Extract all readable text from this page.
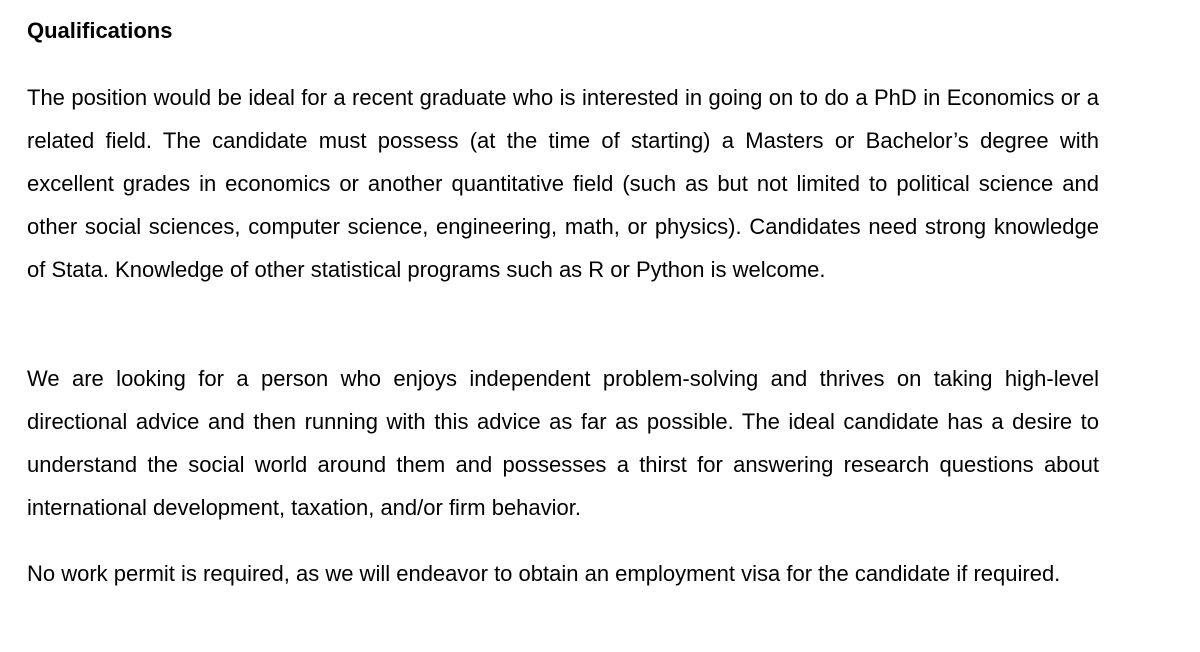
Qualifications

The position would be ideal for a recent graduate who is interested in going on to do a PhD in Economics or a related field. The candidate must possess (at the time of starting) a Masters or Bachelor’s degree with excellent grades in economics or another quantitative field (such as but not limited to political science and other social sciences, computer science, engineering, math, or physics). Candidates need strong knowledge of Stata. Knowledge of other statistical programs such as R or Python is welcome.

We are looking for a person who enjoys independent problem-solving and thrives on taking high-level directional advice and then running with this advice as far as possible. The ideal candidate has a desire to understand the social world around them and possesses a thirst for answering research questions about international development, taxation, and/or firm behavior.

No work permit is required, as we will endeavor to obtain an employment visa for the candidate if required.
